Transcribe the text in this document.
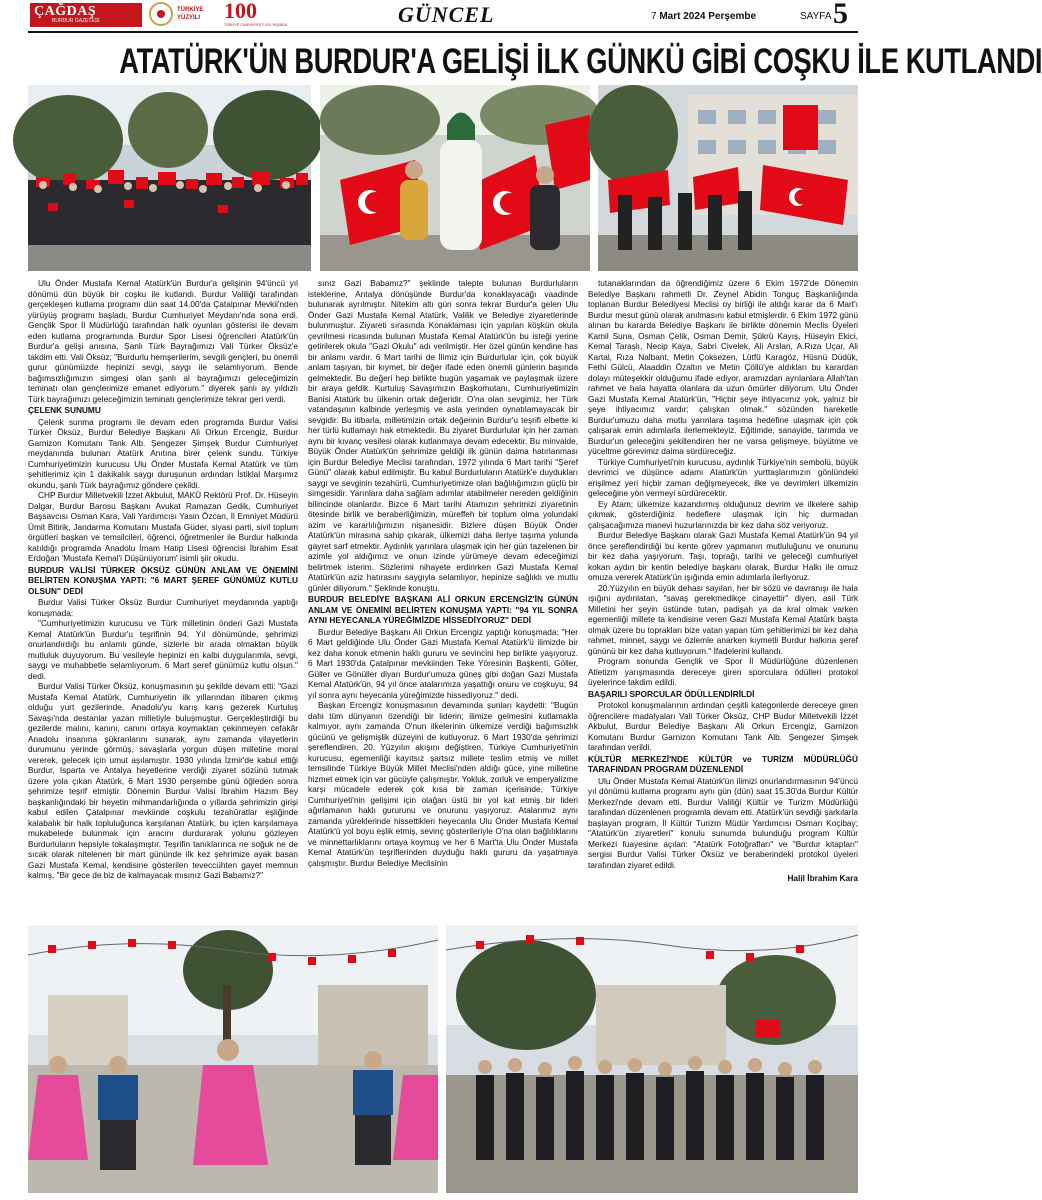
ÇAĞDAŞ
BURDUR GAZETESİ
TÜRKİYE YÜZYILI	100
TÜRKİYE CUMHURİYETİ 100 YAŞINDA	GÜNCEL	7 Mart 2024 Perşembe	SAYFA 5
ATATÜRK'ÜN BURDUR'A GELİŞİ İLK GÜNKÜ GİBİ COŞKU İLE KUTLANDI

Ulu Önder Mustafa Kemal Atatürk'ün Burdur'a gelişinin 94'üncü yıl dönümü dün büyük bir coşku ile kutlandı. Burdur Valiliği tarafından gerçekleşen kutlama programı dün saat 14.00'da Çatalpınar Mevkii'nden yürüyüş programı başladı, Burdur Cumhuriyet Meydanı'nda sona erdi. Gençlik Spor İl Müdürlüğü tarafından halk oyunları gösterisi ile devam eden kutlama programında Burdur Spor Lisesi öğrencileri Atatürk'ün Burdur'a gelişi anısına, Şanlı Türk Bayrağımızı Vali Türker Öksüz'e takdim etti. Vali Öksüz; "Burdurlu hemşerilerim, sevgili gençleri, bu önemli gurur günümüzde hepinizi sevgi, saygı ile selamlıyorum. Bende bağımsızlığımızın simgesi olan şanlı al bayrağımızı geleceğimizin teminatı olan gençlerimize emanet ediyorum." diyerek şanlı ay yıldızlı Türk bayrağımızı geleceğimizin teminatı gençlerimize tekrar geri verdi.

ÇELENK SUNUMU

Çelenk sunma programı ile devam eden programda Burdur Valisi Türker Öksüz, Burdur Belediye Başkanı Ali Orkun Ercengiz, Burdur Garnizon Komutanı Tank Alb. Şengezer Şimşek Burdur Cumhuriyet meydanında bulunan Atatürk Anıtına birer çelenk sundu. Türkiye Cumhuriyetimizin kurucusu Ulu Önder Mustafa Kemal Atatürk ve tüm şehitlerimiz için 1 dakikalık saygı duruşunun ardından İstiklal Marşımız okundu, şanlı Türk bayrağımız göndere çekildi.

CHP Burdur Milletvekili İzzet Akbulut, MAKÜ Rektörü Prof. Dr. Hüseyin Dalgar, Burdur Barosu Başkanı Avukat Ramazan Gedik, Cumhuriyet Başsavcısı Osman Kara, Vali Yardımcısı Yasin Özcan, İl Emniyet Müdürü Ümit Bitirik, Jandarma Komutanı Mustafa Güder, siyasi parti, sivil toplum örgütleri başkan ve temsilcileri, öğrenci, öğretmenler ile Burdur halkında katıldığı programda Anadolu İmam Hatip Lisesi öğrencisi İbrahim Esat Erdoğan 'Mustafa Kemal'i Düşünüyorum' isimli şiir okudu.

BURDUR VALİSİ TÜRKER ÖKSÜZ GÜNÜN ANLAM VE ÖNEMİNİ BELİRTEN KONUŞMA YAPTI: "6 MART ŞEREF GÜNÜMÜZ KUTLU OLSUN" DEDİ

Burdur Valisi Türker Öksüz Burdur Cumhuriyet meydanında yaptığı konuşmada:

"Cumhuriyetimizin kurucusu ve Türk milletinin önderi Gazi Mustafa Kemal Atatürk'ün Burdur'u teşrifinin 94. Yıl dönümünde, şehrimizi onurlandırdığı bu anlamlı günde, sizlerle bir arada olmaktan büyük mutluluk duyuyorum. Bu vesileyle hepinizi en kalbi duygularımla, sevgi, saygı ve muhabbetle selamlıyorum. 6 Mart şeref günümüz kutlu olsun." dedi.

Burdur Valisi Türker Öksüz, konuşmasının şu şekilde devam etti: "Gazi Mustafa Kemal Atatürk, Cumhuriyetin ilk yıllarından itibaren çıkmış olduğu yurt gezilerinde, Anadolu'yu karış karış gezerek Kurtuluş Savaşı'nda destanlar yazan milletiyle buluşmuştur. Gerçekleştirdiği bu gezilerde malını, kanını, canını ortaya koymaktan çekinmeyen cefakâr Anadolu insanına şükranlarını sunarak, aynı zamanda vilayetlerin durumunu yerinde görmüş, savaşlarla yorgun düşen milletine moral vererek, gelecek için umut aşılamıştır. 1930 yılında İzmir'de kabul ettiği Burdur, Isparta ve Antalya heyetlerine verdiği ziyaret sözünü tutmak üzere yola çıkan Atatürk, 6 Mart 1930 perşembe günü öğleden sonra şehrimize teşrif etmiştir. Dönemin Burdur Valisi İbrahim Hazım Bey başkanlığındaki bir heyetin mihmandarlığında o yıllarda şehrimizin girişi kabul edilen Çatalpınar mevkiinde coşkulu tezahüratlar eşliğinde kalabalık bir halk topluluğunca karşılanan Atatürk, bu içten karşılamaya mukabelede bulunmak için aracını durdurarak yolunu gözleyen Burdurluların hepsiyle tokalaşmıştır. Teşrifin tanıklarınca ne soğuk ne de sıcak olarak nitelenen bir mart gününde ilk kez şehrimize ayak basan Gazi Mustafa Kemal, kendisine gösterilen teveccühten gayet memnun kalmış, "Bir gece de biz de kalmayacak mısınız Gazi Babamız?"

sınız Gazi Babamız?" şeklinde talepte bulunan Burdurluların isteklerine, Antalya dönüşünde Burdur'da konaklayacağı vaadinde bulunarak ayrılmıştır. Nitekim altı gün sonra tekrar Burdur'a gelen Ulu Önder Gazi Mustafa Kemal Atatürk, Valilik ve Belediye ziyaretlerinde bulunmuştur. Ziyareti sırasında Konaklaması için yapılan köşkün okula çevrilmesi ricasında bulunan Mustafa Kemal Atatürk'ün bu isteği yerine getirilerek okula "Gazi Okulu" adı verilmiştir. Her özel günün kendine has bir anlamı vardır. 6 Mart tarihi de İlimiz için Burdurlular için, çok büyük anlam taşıyan, bir kıymet, bir değer ifade eden önemli günlerin başında gelmektedir. Bu değeri hep birlikte bugün yaşamak ve paylaşmak üzere bir araya geldik. Kurtuluş Savaşımızın Başkomutanı, Cumhuriyetimizin Banisi Atatürk bu ülkenin ortak değeridir. O'na olan sevgimiz, her Türk vatandaşının kalbinde yerleşmiş ve asla yerinden oynatılamayacak bir sevgidir. Bu itibarla, milletimizin ortak değerinin Burdur'u teşrifi elbette ki her türlü kutlamayı hak etmektedir. Bu ziyaret Burdurlular için her zaman aynı bir kıvanç vesilesi olarak kutlanmaya devam edecektir. Bu minvalde, Büyük Önder Atatürk'ün şehrimize geldiği ilk günün daima hatırlanması için Burdur Belediye Meclisi tarafından, 1972 yılında 6 Mart tarihi "Şeref Günü" olarak kabul edilmiştir. Bu kabul Burdurluların Atatürk'e duydukları saygı ve sevginin tezahürü, Cumhuriyetimize olan bağlılığımızın güçlü bir simgesidir. Yarınlara daha sağlam adımlar atabilmeler nereden geldiğinin bilincinde olanlardır. Bizce 6 Mart tarihi Atamızın şehrimizi ziyaretinin ötesinde birlik ve beraberliğimizin, müreffeh bir toplum olma yolundaki azim ve kararlılığımızın nişanesidir. Bizlere düşen Büyük Önder Atatürk'ün mirasına sahip çıkarak, ülkemizi daha ileriye taşıma yolunda gayret sarf etmektir. Aydınlık yarınlara ulaşmak için her gün tazelenen bir azimle yol aldığımız ve onun izinde yürümeye devam edeceğimizi belirtmek isterim. Sözlerimi nihayete erdirirken Gazi Mustafa Kemal Atatürk'ün aziz hatırasını saygıyla selamlıyor, hepinize sağlıklı ve mutlu günler diliyorum." Şeklinde konuştu.

BURDUR BELEDİYE BAŞKANI ALİ ORKUN ERCENGİZ'İN GÜNÜN ANLAM VE ÖNEMİNİ BELİRTEN KONUŞMA YAPTI: "94 YIL SONRA AYNI HEYECANLA YÜREĞİMİZDE HİSSEDİYORUZ" DEDİ

Burdur Belediye Başkanı Ali Orkun Ercengiz yaptığı konuşmada: "Her 6 Mart geldiğinde Ulu Önder Gazi Mustafa Kemal Atatürk'ü ilimizde bir kez daha konuk etmenin haklı gururu ve sevincini hep birlikte yaşıyoruz. 6 Mart 1930'da Çatalpınar mevkiinden Teke Yöresinin Başkenti, Göller, Güller ve Gönüller diyarı Burdur'umuza güneş gibi doğan Gazi Mustafa Kemal Atatürk'ün, 94 yıl önce atalarımıza yaşattığı onuru ve coşkuyu; 94 yıl sonra aynı heyecanla yüreğimizde hissediyoruz." dedi.

Başkan Ercengiz konuşmasının devamında şunları kaydetti: "Bugün dahi tüm dünyanın özendiği bir liderin; ilimize gelmesini kutlamakla kalmıyor, aynı zamanda O'nun ilkelerinin ülkemize verdiği bağımsızlık gücünü ve gelişmişlik düzeyini de kutluyoruz. 6 Mart 1930'da şehrimizi şereflendiren, 20. Yüzyılın akışını değiştiren, Türkiye Cumhuriyeti'nin kurucusu, egemenliği kayıtsız şartsız millete teslim etmiş ve millet temsilinde Türkiye Büyük Millet Meclisi'nden aldığı güce, yine milletine hizmet etmek için var gücüyle çalışmıştır. Yokluk, zorluk ve emperyalizme karşı mücadele ederek çok kısa bir zaman içerisinde, Türkiye Cumhuriyeti'nin gelişimi için olağan üstü bir yol kat etmiş bir lideri ağırlamanın haklı gururunu ve onurunu yaşıyoruz. Atalarımız aynı zamanda yüreklerinde hissettikleri heyecanla Ulu Önder Mustafa Kemal Atatürk'ü yol boyu eşlik etmiş, sevinç gösterileriyle O'na olan bağlılıklarını ve minnettarlıklarını ortaya koymuş ve her 6 Mart'ta Ulu Önder Mustafa Kemal Atatürk'ün teşriflerinden duyduğu haklı gururu da yaşatmaya çalışmıştır. Burdur Belediye Meclisinin

tutanaklarından da öğrendiğimiz üzere 6 Ekim 1972'de Dönemin Belediye Başkanı rahmetli Dr. Zeynel Abidin Tonguç Başkanlığında toplanan Burdur Belediyesi Meclisi oy birliği ile aldığı karar da 6 Mart'ı Burdur mesut günü olarak anılmasını kabul etmişlerdir. 6 Ekim 1972 günü alınan bu kararda Belediye Başkanı ile birlikte dönemin Meclis Üyeleri Kamil Suna, Osman Çelik, Osman Demir, Şükrü Kayış, Hüseyin Ekici, Kemal Taraşlı, Necip Kaya, Sabri Civelek, Ali Arslan, A.Rıza Uçar, Ali Kartal, Rıza Nalbant, Metin Çoksezen, Lütfü Karagöz, Hüsnü Düdük, Fethi Gülcü, Alaaddin Özaltın ve Metin Çöllü'ye aldıkları bu karardan dolayı müteşekkir olduğumu ifade ediyor, aramızdan ayrılanlara Allah'tan rahmet ve hala hayatta olanlara da uzun ömürler diliyorum. Ulu Önder Gazi Mustafa Kemal Atatürk'ün, "Hiçbir şeye ihtiyacımız yok, yalnız bir şeye ihtiyacımız vardır; çalışkan olmak." sözünden hareketle Burdur'umuzu daha mutlu yarınlara taşıma hedefine ulaşmak için çok çalışarak emin adımlarla ilerlemekteyiz. Eğitimde, sanayide, tarımda ve Burdur'un geleceğini şekillendiren her ne varsa gelişmeye, büyütme ve yüceltme görevimiz daima sürdüreceğiz.

Türkiye Cumhuriyeti'nin kurucusu, aydınlık Türkiye'nin sembolü, büyük devrimci ve düşünce adamı Atatürk'ün yurttaşlarımızın gönlündeki erişilmez yeri hiçbir zaman değişmeyecek, ilke ve devrimleri ülkemizin geleceğine yön vermeyi sürdürecektir.

Ey Atam; ülkemize kazandırmış olduğunuz devrim ve ilkelere sahip çıkmak, gösterdiğiniz hedeflere ulaşmak için hiç durmadan çalışacağımıza manevi huzurlarınızda bir kez daha söz veriyoruz.

Burdur Belediye Başkanı olarak Gazi Mustafa Kemal Atatürk'ün 94 yıl önce şereflendirdiği bu kente görev yapmanın mutluluğunu ve onurunu bir kez daha yaşıyorum. Taşı, toprağı, tarihi ve geleceği cumhuriyet kokan aydın bir kentin belediye başkanı olarak, Burdur Halkı ile omuz omuza vererek Atatürk'ün ışığında emin adımlarla ilerliyoruz.

20.Yüzyılın en büyük dehası sayılan, her bir sözü ve davranışı ile hala ışığını aydınlatan, "savaş gerekmedikçe cinayettir" diyen, asil Türk Milletini her şeyin üstünde tutan, padişah ya da kral olmak varken egemenliği millete ta kendisine veren Gazi Mustafa Kemal Atatürk başta olmak üzere bu toprakları bize vatan yapan tüm şehitlerimizi bir kez daha rahmet, minnet, saygı ve özlemle anarken kıymetli Burdur halkına şeref gününü bir kez daha kutluyorum." İfadelerini kullandı.

Program sonunda Gençlik ve Spor İl Müdürlüğüne düzenlenen Atletizm yarışmasında dereceye giren sporculara ödülleri protokol üyelerince takdim edildi.

BAŞARILI SPORCULAR ÖDÜLLENDİRİLDİ

Protokol konuşmalarının ardından çeşitli kategorilerde dereceye giren öğrencilere madalyaları Vali Türker Öksüz, CHP Budur Milletvekili İzzet Akbulut, Burdur Belediye Başkanı Ali Orkun Ercengiz, Garnizon Komutanı Burdur Garnizon Komutanı Tank Alb. Şengezer Şimşek tarafından verildi.

KÜLTÜR MERKEZİ'NDE KÜLTÜR ve TURİZM MÜDÜRLÜĞÜ TARAFINDAN PROGRAM DÜZENLENDİ

Ulu Önder Mustafa Kemal Atatürk'ün ilimizi onurlandırmasının 94'üncü yıl dönümü kutlama programı aynı gün (dün) saat 15.30'da Burdur Kültür Merkezi'nde devam etti. Burdur Valiliği Kültür ve Turizm Müdürlüğü tarafından düzenlenen programla devam etti. Atatürk'ün sevdiği şarkılarla başlayan program, İl Kültür Turizm Müdür Yardımcısı Osman Koçibay; "Atatürk'ün ziyaretleri" konulu sunumda bulunduğu program Kültür Merkezi fuayesine açılan: "Atatürk Fotoğrafları" ve "Burdur kitapları" sergisi Burdur Valisi Türker Öksüz ve beraberindeki protokol üyeleri tarafından ziyaret edildi.

Halil İbrahim Kara
